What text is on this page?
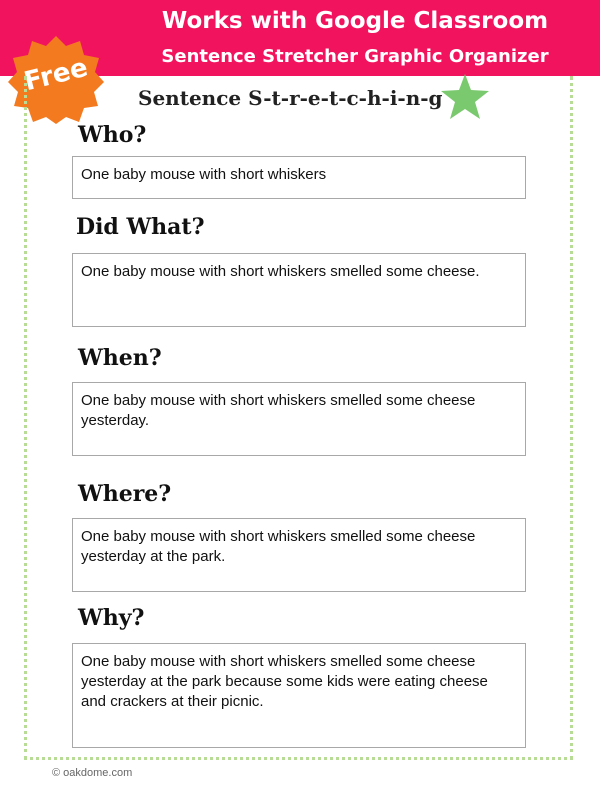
Works with Google Classroom
Sentence Stretcher Graphic Organizer
Free
Sentence S-t-r-e-t-c-h-i-n-g
Who?
One baby mouse with short whiskers
Did What?
One baby mouse with short whiskers smelled some cheese.
When?
One baby mouse with short whiskers smelled some cheese yesterday.
Where?
One baby mouse with short whiskers smelled some cheese yesterday at the park.
Why?
One baby mouse with short whiskers smelled some cheese yesterday at the park because some kids were eating cheese and crackers at their picnic.
© oakdome.com
